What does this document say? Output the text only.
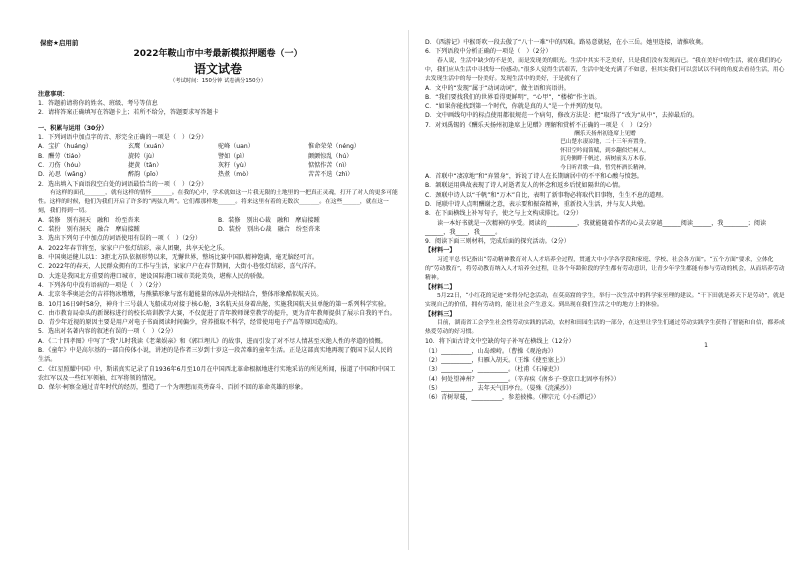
保密★启用前
2022年鞍山市中考最新模拟押题卷（一）
语文试卷
（考试时间：150分钟 试卷满分150分）

注意事项：

1．答题前请将你的姓名、班级、考号等信息

2．请将答案正确填写在答题卡上；若所不给分，答题要求写答题卡

一、积累与运用（30分）

1．下列词语中加点字的音、形完全正确的一项是（　）（2分）

A．宝扩（huáng）	玄鹰（xuán）	驼峰（uan）	惟命荣荣（néng）
B．酬劳（tiáo）	旋转（jù）	譬如（pì）	颤颤惊乱（hú）
C．刀伤（hóu）	捷黄（tǎn）	灰籽（yù）	惦惦作苦（nì）
D．沁思（wāng）	醉韵（pǐo）	热煮（mò）	苦苦不迭（zhì）

2．选出填入下面语段空白处的词语最恰当的一项（　）（2分）

有这样的面孔_______，就有这样的情怀_______。在我的心中，学术就如这一片我无限的土地里的一把真正灵魂，打开了对人的更多可能性。这样的时候，他们为我们开启了许多的“两弦九鸣”。它们都那样地______。将来这里有着的无数次_______。在这些______，就在这一刻，我们得到一切。

A．装修　别有洞天　融和　纷至沓来	B．装修　别出心裁　融和　摩肩接踵
C．装扮　别有洞天　融合　摩肩接踵	D．装扮　别出心裁　融合　纷至沓来

3．选出下列句子中加点的词语使用有误的一项（　）（2分）

A．2022年春节将至，家家户户张灯结彩，亲人团聚，共享天伦之乐。

B．中国奥运健儿以1：3拒北方队依据形势以来，无懈世界，整场比赛中国队精神饱满，毫无脑经可言。

C．2022年的春天，人民群众拥有的工作与生活，家家户户在春节期间，大街小巷张灯结彩，喜气洋洋。

D．大连是我国北方重要的港口城市，建设国际港口城市美轮美奂，堪称人民的骄傲。

4．下列各句中没有语病的一项是（　）（2分）

A．北京冬季奥运会的吉祥物冰墩墩，与熊猫形象与富有超能量的冰晶外壳相结合，整体形象酷似航天员。

B．10月16日9时58分，神舟十三号载人飞船成功对接于核心舱，3名航天员身着出舱，实施我国航天员单舱的第一系列科学实验。

C．由市教育局牵头的新课标进行的校长培训教学大赛，不仅促进了青年教师课堂教学的提升，更为青年教师提供了展示自我的平台。

D．青少年近视的原因主要是用户对电子书面阅读时间偏少，营养摄取不科学，经常使用电子产品等原因造成的。

5．选出对名著内容的叙述有误的一项（　）（2分）

A．《二十四孝图》中写了“我”儿时我读《老莱娱亲》和《郭巨埋儿》的故事，进而引发了对不尽人情甚至灭绝人性的孝道的愤慨。

B．《童年》中是高尔基的一部自传体小说，讲述的是作者三岁到十岁这一段苦难的童年生活。正是这部真实地再现了俄国下层人民的生活。

C．《红星照耀中国》中，斯诺真实记录了自1936年6月至10月在中国西北革命根据地进行实地采访的所见所闻，报道了中国和中国工农红军以及一些红军领袖、红军将领的情况。

D．保尔·柯察金通过青年时代的经历，塑造了一个为理想而英勇奋斗、百折不回的革命英雄的形象。

D．《西游记》中猴哥吹一段去傲了“八十一难”中的四难。路易意就轻，在小三岳。她里连接，请推收奥。

6．下列语段中分析正确的一项是（　）（2分）

春人说，生活中缺少的不是美，而是发现美的眼光。生活中其实不乏美好，只是我们没有发现而已。“我在美好中的生活，就在我们的心中，我们应从生活中寻找每一份感动。”很多人觉得生活艰苦，生活中处处充满了不如意，但其实我们可以尝试以不同的角度去看待生活，用心去发现生活中的每一份美好。发现生活中的美好，于是就有了

A．文中的“发现”属于“动词动词”，做主语和宾语讲。

B．“我们要找我们的世界看得更鲜明”，“心甲”，“楼梯”作主语。

C．“如果你能找到第一个时代，你就是真的人”是一个并列的复句。

D．文中画线句中的标点使用都很规范一个病句，修改方法是：把“取得了”改为“从中”，去掉最后的。

7．对刘禹锡的《酬乐天扬州初逢席上见赠》理解和赏析不正确的一项是（　）（2分）

酬乐天扬州初逢席上见赠
巴山楚水凄凉地，二十三年弃置身。
怀旧空吟闻笛赋，到乡翻似烂柯人。
沉舟侧畔千帆过，病树前头万木春。
今日听君歌一曲，暂凭杯酒长精神。

A．首联中“凄凉地”和“弃置身”，诉说了诗人在长期谪居中的不平和心酸与愤怒。

B．颔联运用典故表现了诗人对逝者友人的怀念和返乡后恍如隔世的心情。

C．颈联中诗人以“千帆”和“万木”自比，表明了新事物必将取代旧事物，生生不息的道理。

D．尾联中诗人点明酬谢之意，表示要和振奋精神，重新投入生活，并与友人共勉。

8．在下面横线上补写句子，使之与上文构成排比。（2分）

读一本好书就是一次精神的享受。阅读的__________，我就能随着作者的心灵去穿越______阅读______，我________；阅读______，我____，我_____。

9．阅读下面三则材料，完成后面的探究活动。（2分）

【材料一】

习近平总书记指出“劳动精神教育对人人才培养全过程，贯通大中小学各学段和家庭、学校、社会各方面”。“五个方面”要求，立体化的“劳动教育”，将劳动教育纳入人才培养全过程，让各个年龄阶段的学生都有劳动意识，让青少年学生都能有参与劳动的机会，从而培养劳动精神。

【材料二】

5月22日，“小红花的足迹”来得分纪念活动，在莫高窟的学生，举行一次生活中的科学家至理的建议。“干下田就是养天下是劳动”，就是实现自己的价值，拥有劳动的，能让社会产生意义。到出现在我们生活之中的地方上的体验。

【材料三】

目前，湖南省工会学生社会性劳动实践的活动，农村和田园生活的一部分，在这里让学生们通过劳动实践学生获得了智能和自信，都养成热爱劳动的好习惯。

10．将下面古诗文中空缺的句子补写在横线上（12分）

（1）__________，山岛竦峙。（曹操《观沧海》）

（2）__________，归雁入胡天。（王维《使至塞上》）

（3）__________，__________。（杜甫《石壕吏》）

（4）何处望神州？__________。（辛弃疾《南乡子·登京口北固亭有怀》）

（5）__________，去年天气旧亭台。（晏殊《浣溪沙》）

（6）青树翠蔓，__________，参差披拂。（柳宗元《小石潭记》）

1
